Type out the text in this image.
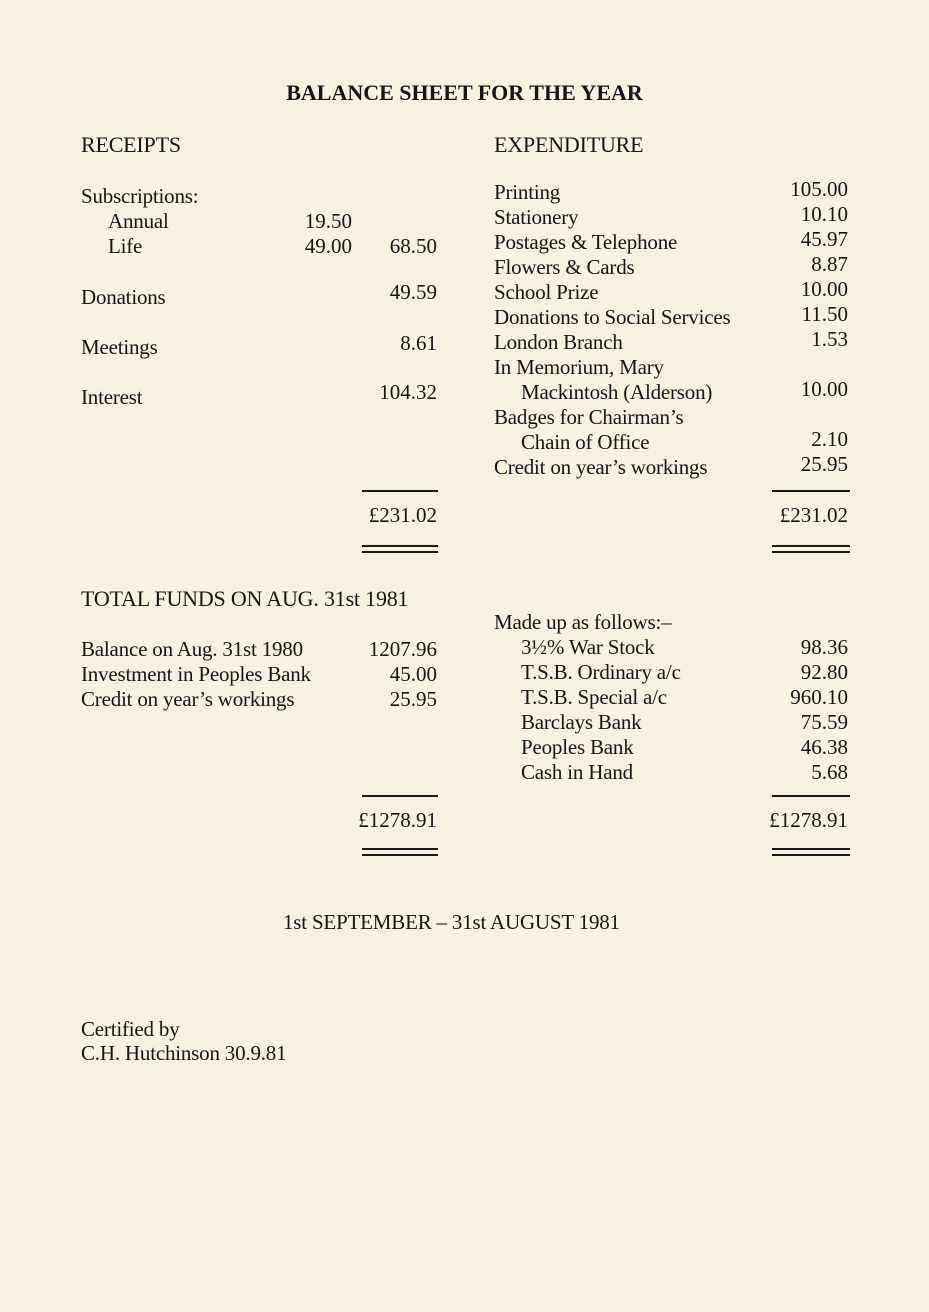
BALANCE SHEET FOR THE YEAR
RECEIPTS
Subscriptions:
Annual	19.50
Life	49.00	68.50
Donations	49.59
Meetings	8.61
Interest	104.32
£231.02
EXPENDITURE
Printing	105.00
Stationery	10.10
Postages & Telephone	45.97
Flowers & Cards	8.87
School Prize	10.00
Donations to Social Services	11.50
London Branch	1.53
In Memorium, Mary
Mackintosh (Alderson)	10.00
Badges for Chairman’s
Chain of Office	2.10
Credit on year’s workings	25.95
£231.02
TOTAL FUNDS ON AUG. 31st 1981
Balance on Aug. 31st 1980	1207.96
Investment in Peoples Bank	45.00
Credit on year’s workings	25.95
£1278.91
Made up as follows:–
3½% War Stock	98.36
T.S.B. Ordinary a/c	92.80
T.S.B. Special a/c	960.10
Barclays Bank	75.59
Peoples Bank	46.38
Cash in Hand	5.68
£1278.91
1st SEPTEMBER – 31st AUGUST 1981
Certified by
C.H. Hutchinson 30.9.81
